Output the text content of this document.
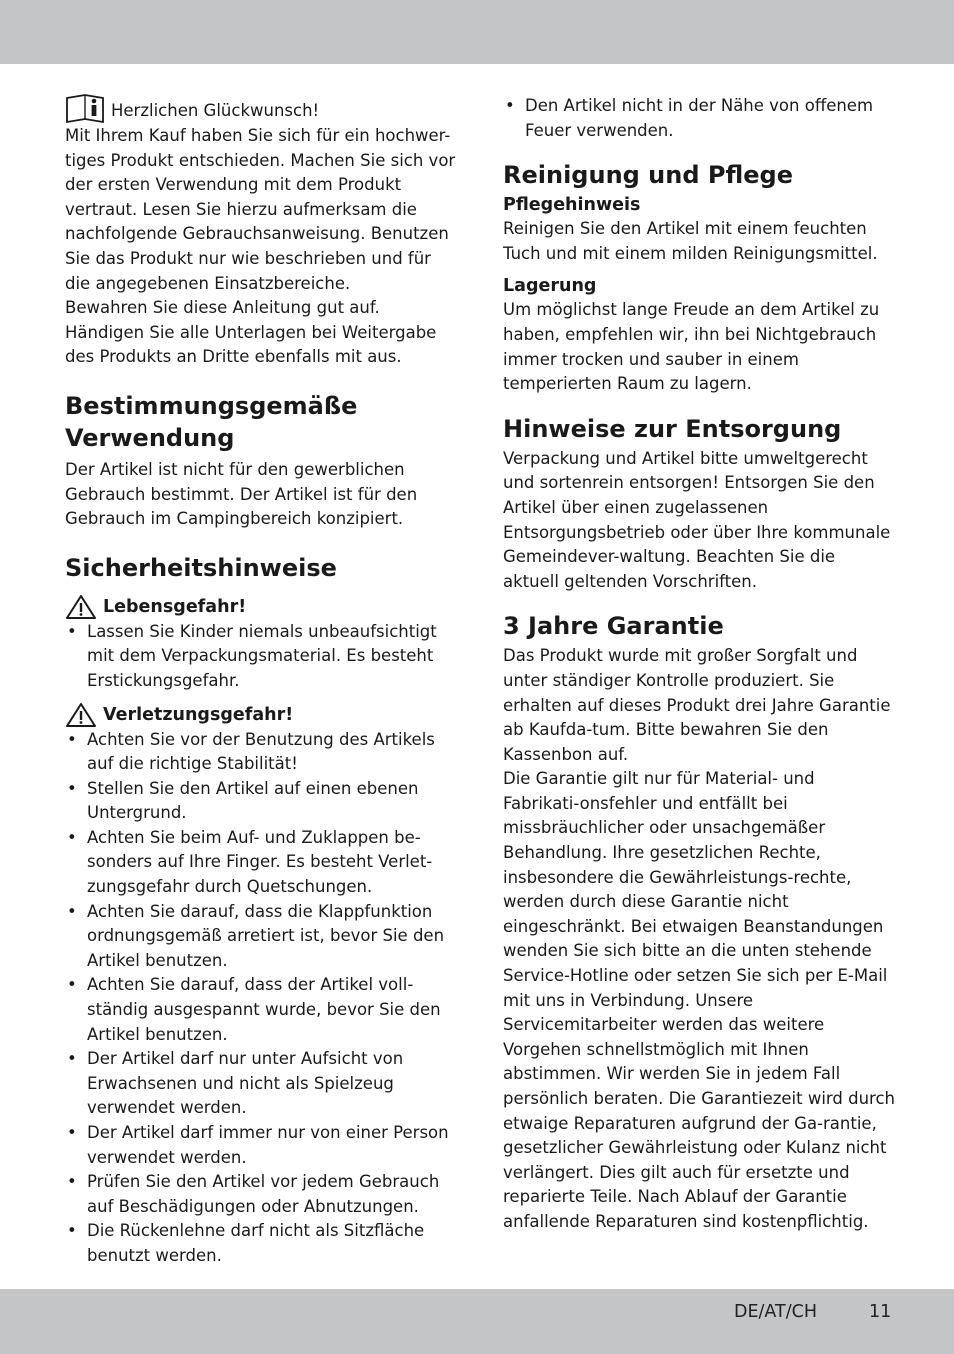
Herzlichen Glückwunsch!

Mit Ihrem Kauf haben Sie sich für ein hochwer-tiges Produkt entschieden. Machen Sie sich vor der ersten Verwendung mit dem Produkt vertraut. Lesen Sie hierzu aufmerksam die nachfolgende Gebrauchsanweisung. Benutzen Sie das Produkt nur wie beschrieben und für die angegebenen Einsatzbereiche.

Bewahren Sie diese Anleitung gut auf. Händigen Sie alle Unterlagen bei Weitergabe des Produkts an Dritte ebenfalls mit aus.

Bestimmungsgemäße Verwendung

Der Artikel ist nicht für den gewerblichen Gebrauch bestimmt. Der Artikel ist für den Gebrauch im Campingbereich konzipiert.

Sicherheitshinweise
Lebensgefahr!
• Lassen Sie Kinder niemals unbeaufsichtigt mit dem Verpackungsmaterial. Es besteht Erstickungsgefahr.
Verletzungsgefahr!
• Achten Sie vor der Benutzung des Artikels auf die richtige Stabilität!
• Stellen Sie den Artikel auf einen ebenen Untergrund.
• Achten Sie beim Auf- und Zuklappen be-sonders auf Ihre Finger. Es besteht Verlet-zungsgefahr durch Quetschungen.
• Achten Sie darauf, dass die Klappfunktion ordnungsgemäß arretiert ist, bevor Sie den Artikel benutzen.
• Achten Sie darauf, dass der Artikel voll-ständig ausgespannt wurde, bevor Sie den Artikel benutzen.
• Der Artikel darf nur unter Aufsicht von Erwachsenen und nicht als Spielzeug verwendet werden.
• Der Artikel darf immer nur von einer Person verwendet werden.
• Prüfen Sie den Artikel vor jedem Gebrauch auf Beschädigungen oder Abnutzungen.
• Die Rückenlehne darf nicht als Sitzfläche benutzt werden.
• Den Artikel nicht in der Nähe von offenem Feuer verwenden.
Reinigung und Pflege
Pflegehinweis

Reinigen Sie den Artikel mit einem feuchten Tuch und mit einem milden Reinigungsmittel.

Lagerung

Um möglichst lange Freude an dem Artikel zu haben, empfehlen wir, ihn bei Nichtgebrauch immer trocken und sauber in einem temperierten Raum zu lagern.

Hinweise zur Entsorgung

Verpackung und Artikel bitte umweltgerecht und sortenrein entsorgen! Entsorgen Sie den Artikel über einen zugelassenen Entsorgungsbetrieb oder über Ihre kommunale Gemeindever-waltung. Beachten Sie die aktuell geltenden Vorschriften.

3 Jahre Garantie

Das Produkt wurde mit großer Sorgfalt und unter ständiger Kontrolle produziert. Sie erhalten auf dieses Produkt drei Jahre Garantie ab Kaufda-tum. Bitte bewahren Sie den Kassenbon auf.

Die Garantie gilt nur für Material- und Fabrikati-onsfehler und entfällt bei missbräuchlicher oder unsachgemäßer Behandlung. Ihre gesetzlichen Rechte, insbesondere die Gewährleistungs-rechte, werden durch diese Garantie nicht eingeschränkt. Bei etwaigen Beanstandungen wenden Sie sich bitte an die unten stehende Service-Hotline oder setzen Sie sich per E-Mail mit uns in Verbindung. Unsere Servicemitarbeiter werden das weitere Vorgehen schnellstmöglich mit Ihnen abstimmen. Wir werden Sie in jedem Fall persönlich beraten. Die Garantiezeit wird durch etwaige Reparaturen aufgrund der Ga-rantie, gesetzlicher Gewährleistung oder Kulanz nicht verlängert. Dies gilt auch für ersetzte und reparierte Teile. Nach Ablauf der Garantie anfallende Reparaturen sind kostenpflichtig.

DE/AT/CH	11
